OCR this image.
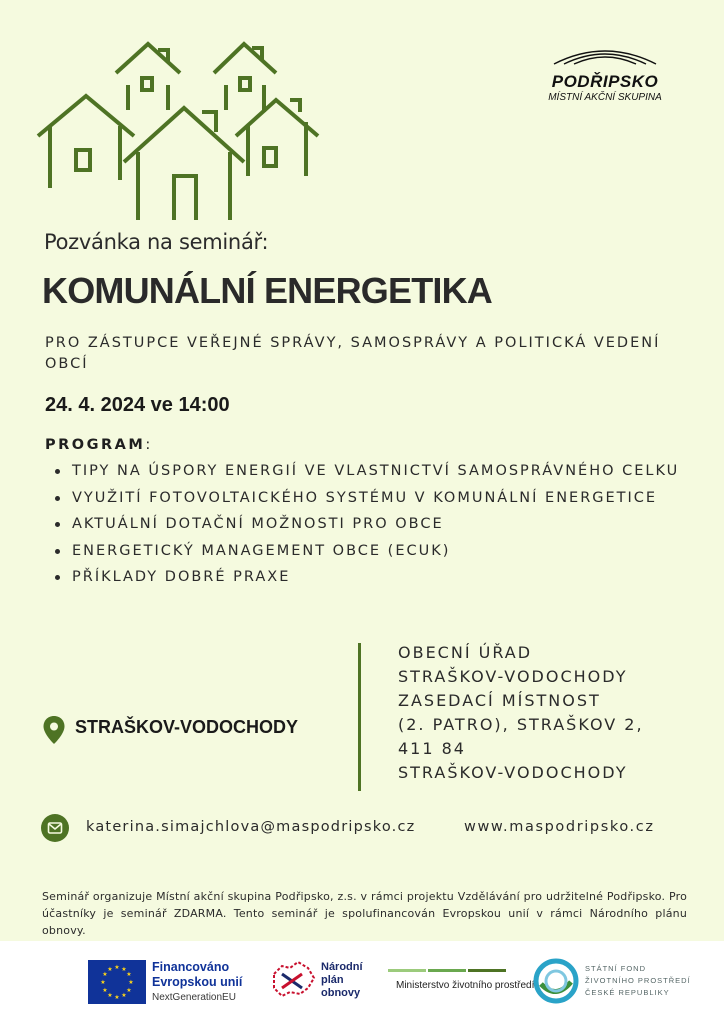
PODŘIPSKO
MÍSTNÍ AKČNÍ SKUPINA
Pozvánka na seminář:
KOMUNÁLNÍ ENERGETIKA
PRO ZÁSTUPCE VEŘEJNÉ SPRÁVY, SAMOSPRÁVY A POLITICKÁ VEDENÍ OBCÍ
24. 4. 2024 ve 14:00
PROGRAM:
TIPY NA ÚSPORY ENERGIÍ VE VLASTNICTVÍ SAMOSPRÁVNÉHO CELKU
VYUŽITÍ FOTOVOLTAICKÉHO SYSTÉMU V KOMUNÁLNÍ ENERGETICE
AKTUÁLNÍ DOTAČNÍ MOŽNOSTI PRO OBCE
ENERGETICKÝ MANAGEMENT OBCE (ECUK)
PŘÍKLADY DOBRÉ PRAXE
STRAŠKOV-VODOCHODY
OBECNÍ ÚŘAD
STRAŠKOV-VODOCHODY
ZASEDACÍ MÍSTNOST
(2. PATRO), STRAŠKOV 2,
411 84
STRAŠKOV-VODOCHODY
katerina.simajchlova@maspodripsko.cz	www.maspodripsko.cz
Seminář organizuje Místní akční skupina Podřipsko, z.s. v rámci projektu Vzdělávání pro udržitelné Podřipsko. Pro účastníky je seminář ZDARMA. Tento seminář je spolufinancován Evropskou unií v rámci Národního plánu obnovy.
★ ★
★
★
★
★
★
★
★
★
★
★	Financováno
Evropskou unií
NextGenerationEU
Národní
plán
obnovy
Ministerstvo životního prostředí
STÁTNÍ FOND
ŽIVOTNÍHO PROSTŘEDÍ
ČESKÉ REPUBLIKY
